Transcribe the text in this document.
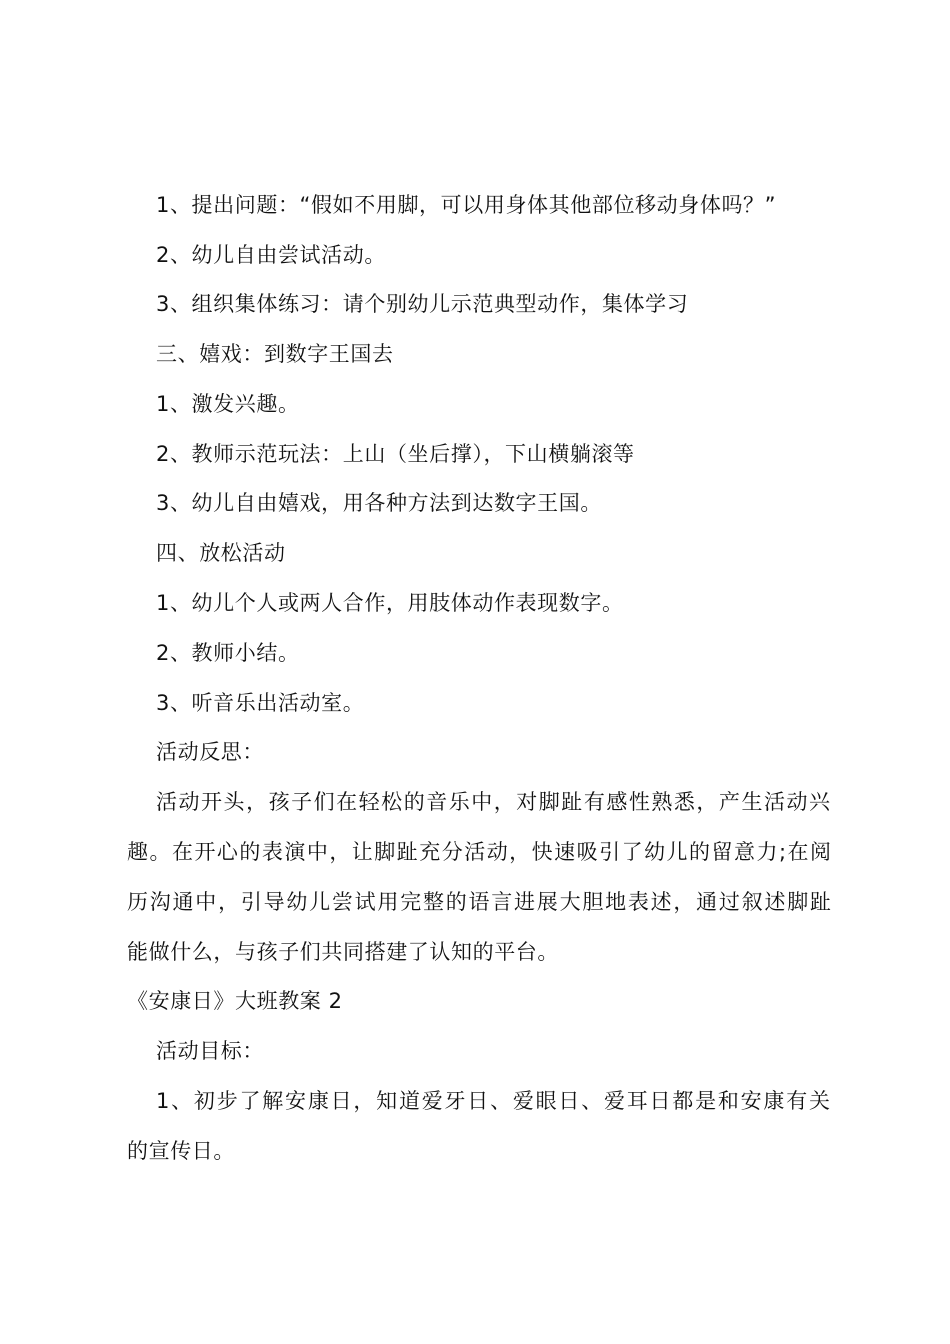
1、提出问题：“假如不用脚，可以用身体其他部位移动身体吗？”
2、幼儿自由尝试活动。
3、组织集体练习：请个别幼儿示范典型动作，集体学习
三、嬉戏：到数字王国去
1、激发兴趣。
2、教师示范玩法：上山（坐后撑），下山横躺滚等
3、幼儿自由嬉戏，用各种方法到达数字王国。
四、放松活动
1、幼儿个人或两人合作，用肢体动作表现数字。
2、教师小结。
3、听音乐出活动室。
活动反思：
活动开头，孩子们在轻松的音乐中，对脚趾有感性熟悉，产生活动兴
趣。在开心的表演中，让脚趾充分活动，快速吸引了幼儿的留意力;在阅
历沟通中，引导幼儿尝试用完整的语言进展大胆地表述，通过叙述脚趾
能做什么，与孩子们共同搭建了认知的平台。
《安康日》大班教案 2
活动目标：
1、初步了解安康日，知道爱牙日、爱眼日、爱耳日都是和安康有关
的宣传日。
